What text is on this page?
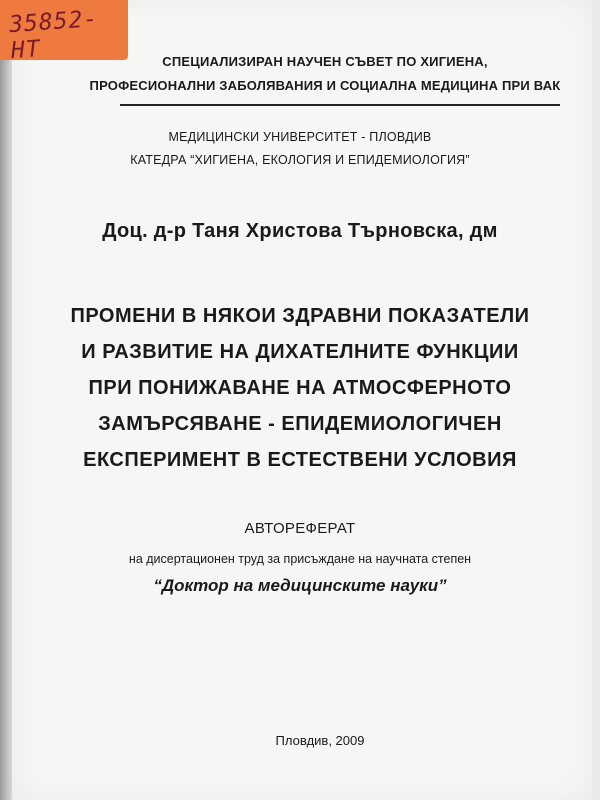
35852-НТ	СПЕЦИАЛИЗИРАН НАУЧЕН СЪВЕТ ПО ХИГИЕНА,
ПРОФЕСИОНАЛНИ ЗАБОЛЯВАНИЯ И СОЦИАЛНА МЕДИЦИНА ПРИ ВАК
МЕДИЦИНСКИ УНИВЕРСИТЕТ - ПЛОВДИВ
КАТЕДРА “ХИГИЕНА, ЕКОЛОГИЯ И ЕПИДЕМИОЛОГИЯ”
Доц. д-р Таня Христова Търновска, дм
ПРОМЕНИ В НЯКОИ ЗДРАВНИ ПОКАЗАТЕЛИ
И РАЗВИТИЕ НА ДИХАТЕЛНИТЕ ФУНКЦИИ
ПРИ ПОНИЖАВАНЕ НА АТМОСФЕРНОТО
ЗАМЪРСЯВАНЕ - ЕПИДЕМИОЛОГИЧЕН
ЕКСПЕРИМЕНТ В ЕСТЕСТВЕНИ УСЛОВИЯ
АВТОРЕФЕРАТ
на дисертационен труд за присъждане на научната степен
“Доктор на медицинските науки”
Пловдив, 2009
